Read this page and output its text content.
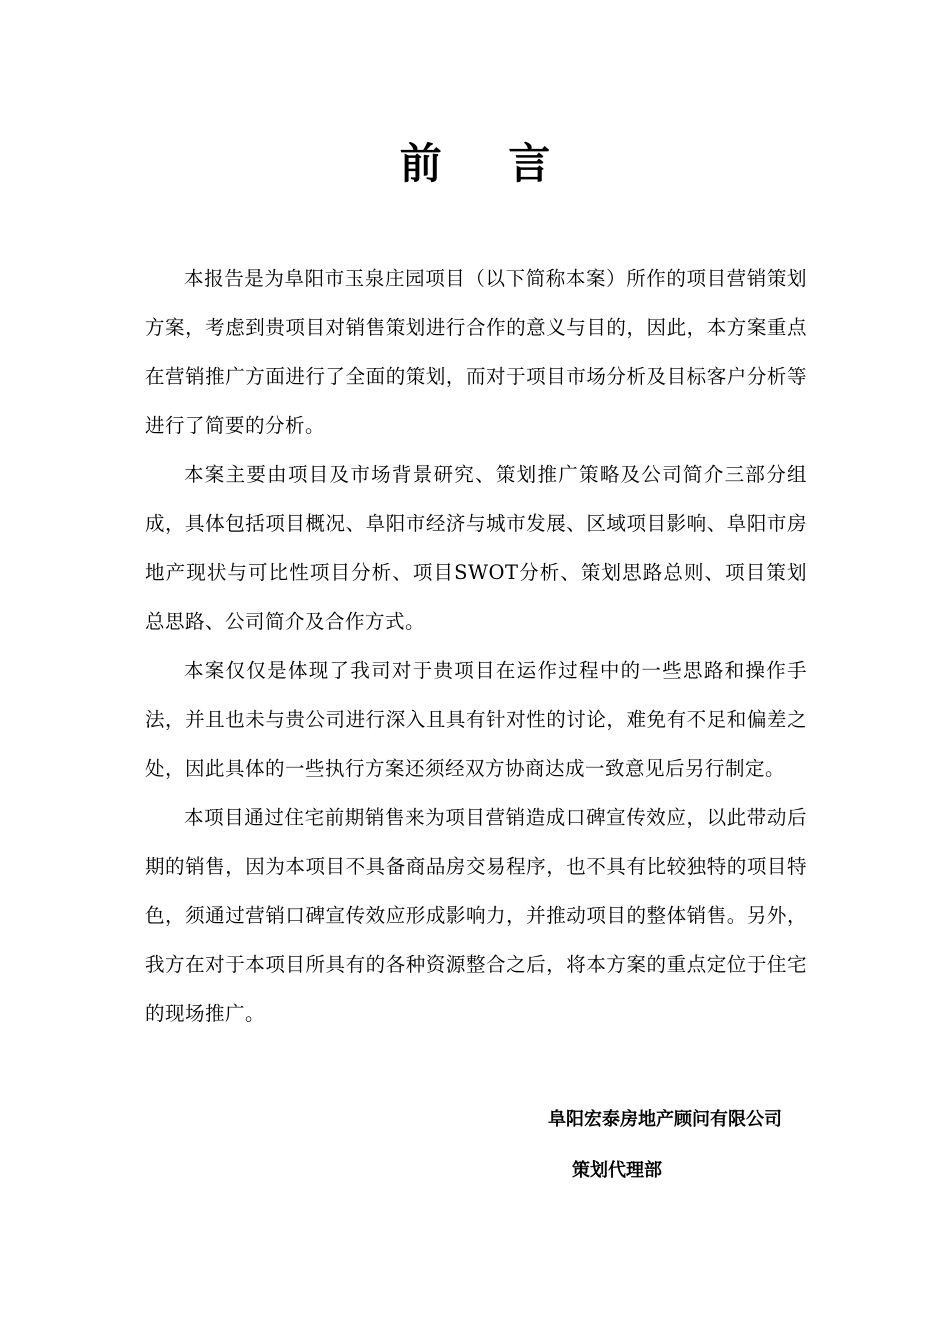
前 言

本报告是为阜阳市玉泉庄园项目（以下简称本案）所作的项目营销策划方案，考虑到贵项目对销售策划进行合作的意义与目的，因此，本方案重点在营销推广方面进行了全面的策划，而对于项目市场分析及目标客户分析等进行了简要的分析。

本案主要由项目及市场背景研究、策划推广策略及公司简介三部分组成，具体包括项目概况、阜阳市经济与城市发展、区域项目影响、阜阳市房地产现状与可比性项目分析、项目SWOT分析、策划思路总则、项目策划总思路、公司简介及合作方式。

本案仅仅是体现了我司对于贵项目在运作过程中的一些思路和操作手法，并且也未与贵公司进行深入且具有针对性的讨论，难免有不足和偏差之处，因此具体的一些执行方案还须经双方协商达成一致意见后另行制定。

本项目通过住宅前期销售来为项目营销造成口碑宣传效应，以此带动后期的销售，因为本项目不具备商品房交易程序，也不具有比较独特的项目特色，须通过营销口碑宣传效应形成影响力，并推动项目的整体销售。另外，我方在对于本项目所具有的各种资源整合之后，将本方案的重点定位于住宅的现场推广。

阜阳宏泰房地产顾问有限公司
策划代理部
